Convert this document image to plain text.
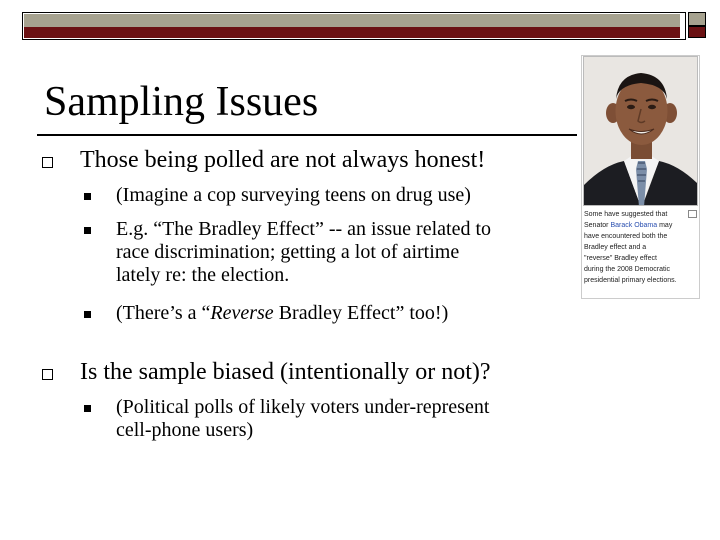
Sampling Issues
Those being polled are not always honest!
(Imagine a cop surveying teens on drug use)
E.g. “The Bradley Effect” -- an issue related to
race discrimination; getting a lot of airtime
lately re: the election.
(There’s a “Reverse Bradley Effect” too!)
Is the sample biased (intentionally or not)?
(Political polls of likely voters under-represent
cell-phone users)
Some have suggested that
Senator Barack Obama may
have encountered both the
Bradley effect and a
"reverse" Bradley effect
during the 2008 Democratic
presidential primary elections.
